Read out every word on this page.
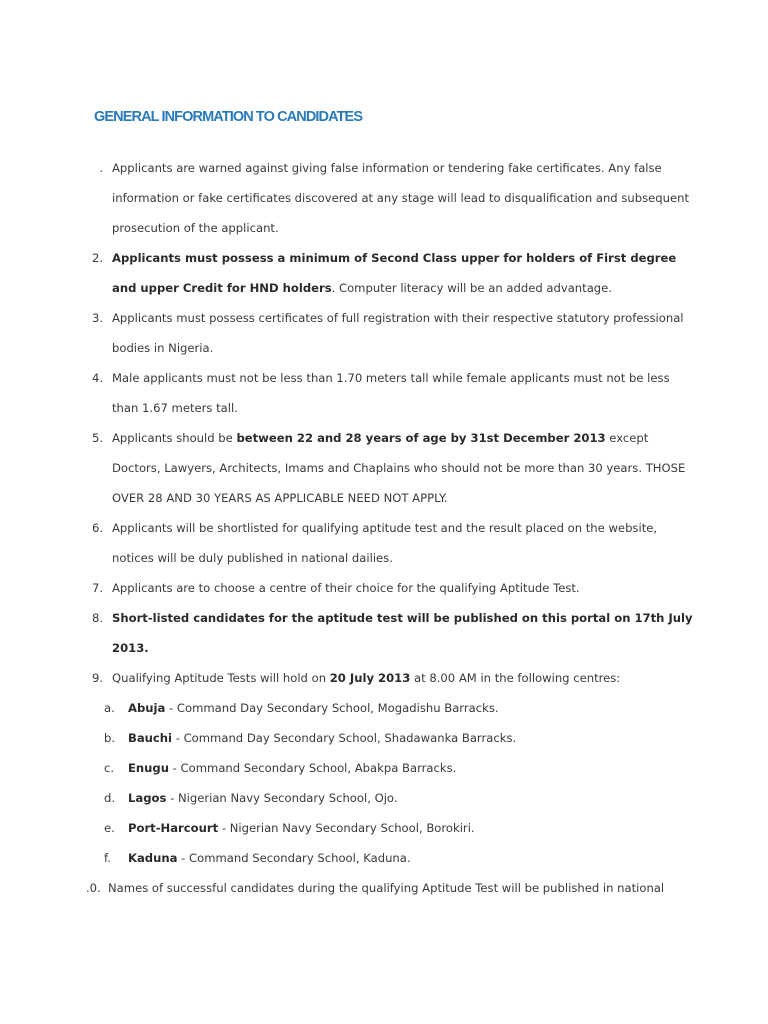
GENERAL INFORMATION TO CANDIDATES
. Applicants are warned against giving false information or tendering fake certificates. Any false
information or fake certificates discovered at any stage will lead to disqualification and subsequent
prosecution of the applicant.
2. Applicants must possess a minimum of Second Class upper for holders of First degree
and upper Credit for HND holders. Computer literacy will be an added advantage.
3. Applicants must possess certificates of full registration with their respective statutory professional
bodies in Nigeria.
4. Male applicants must not be less than 1.70 meters tall while female applicants must not be less
than 1.67 meters tall.
5. Applicants should be between 22 and 28 years of age by 31st December 2013 except
Doctors, Lawyers, Architects, Imams and Chaplains who should not be more than 30 years. THOSE
OVER 28 AND 30 YEARS AS APPLICABLE NEED NOT APPLY.
6. Applicants will be shortlisted for qualifying aptitude test and the result placed on the website,
notices will be duly published in national dailies.
7. Applicants are to choose a centre of their choice for the qualifying Aptitude Test.
8. Short-listed candidates for the aptitude test will be published on this portal on 17th July
2013.
9. Qualifying Aptitude Tests will hold on 20 July 2013 at 8.00 AM in the following centres:
a.	Abuja - Command Day Secondary School, Mogadishu Barracks.
b.	Bauchi - Command Day Secondary School, Shadawanka Barracks.
c.	Enugu - Command Secondary School, Abakpa Barracks.
d.	Lagos - Nigerian Navy Secondary School, Ojo.
e.	Port-Harcourt - Nigerian Navy Secondary School, Borokiri.
f.	Kaduna - Command Secondary School, Kaduna.
.0. Names of successful candidates during the qualifying Aptitude Test will be published in national
